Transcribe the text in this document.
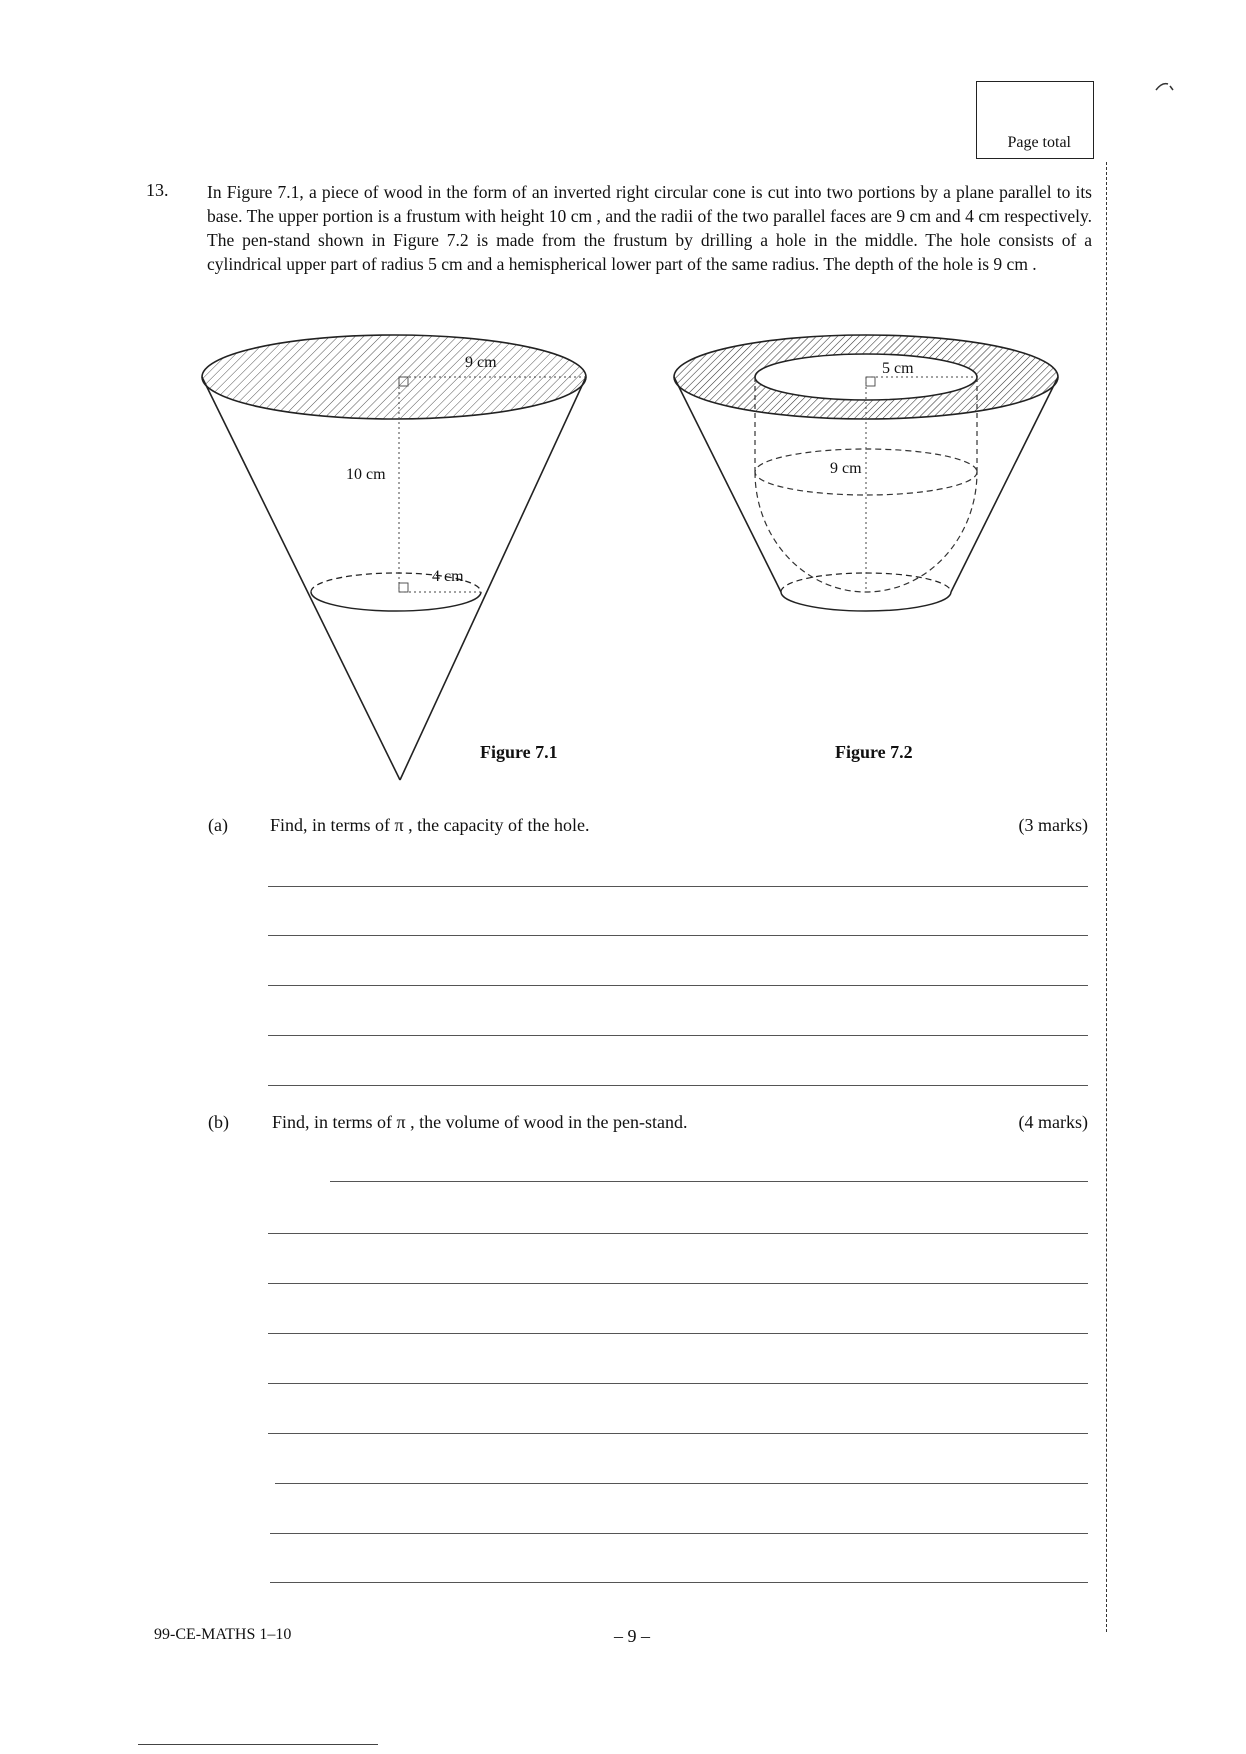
Page total
13. In Figure 7.1, a piece of wood in the form of an inverted right circular cone is cut into two portions by a plane parallel to its base. The upper portion is a frustum with height 10 cm , and the radii of the two parallel faces are 9 cm and 4 cm respectively. The pen-stand shown in Figure 7.2 is made from the frustum by drilling a hole in the middle. The hole consists of a cylindrical upper part of radius 5 cm and a hemispherical lower part of the same radius. The depth of the hole is 9 cm .
9 cm
10 cm
4 cm
Figure 7.1
5 cm
9 cm
Figure 7.2
(a) Find, in terms of π , the capacity of the hole.	(3 marks)
(b) Find, in terms of π , the volume of wood in the pen-stand.	(4 marks)
99-CE-MATHS 1–10	– 9 –
